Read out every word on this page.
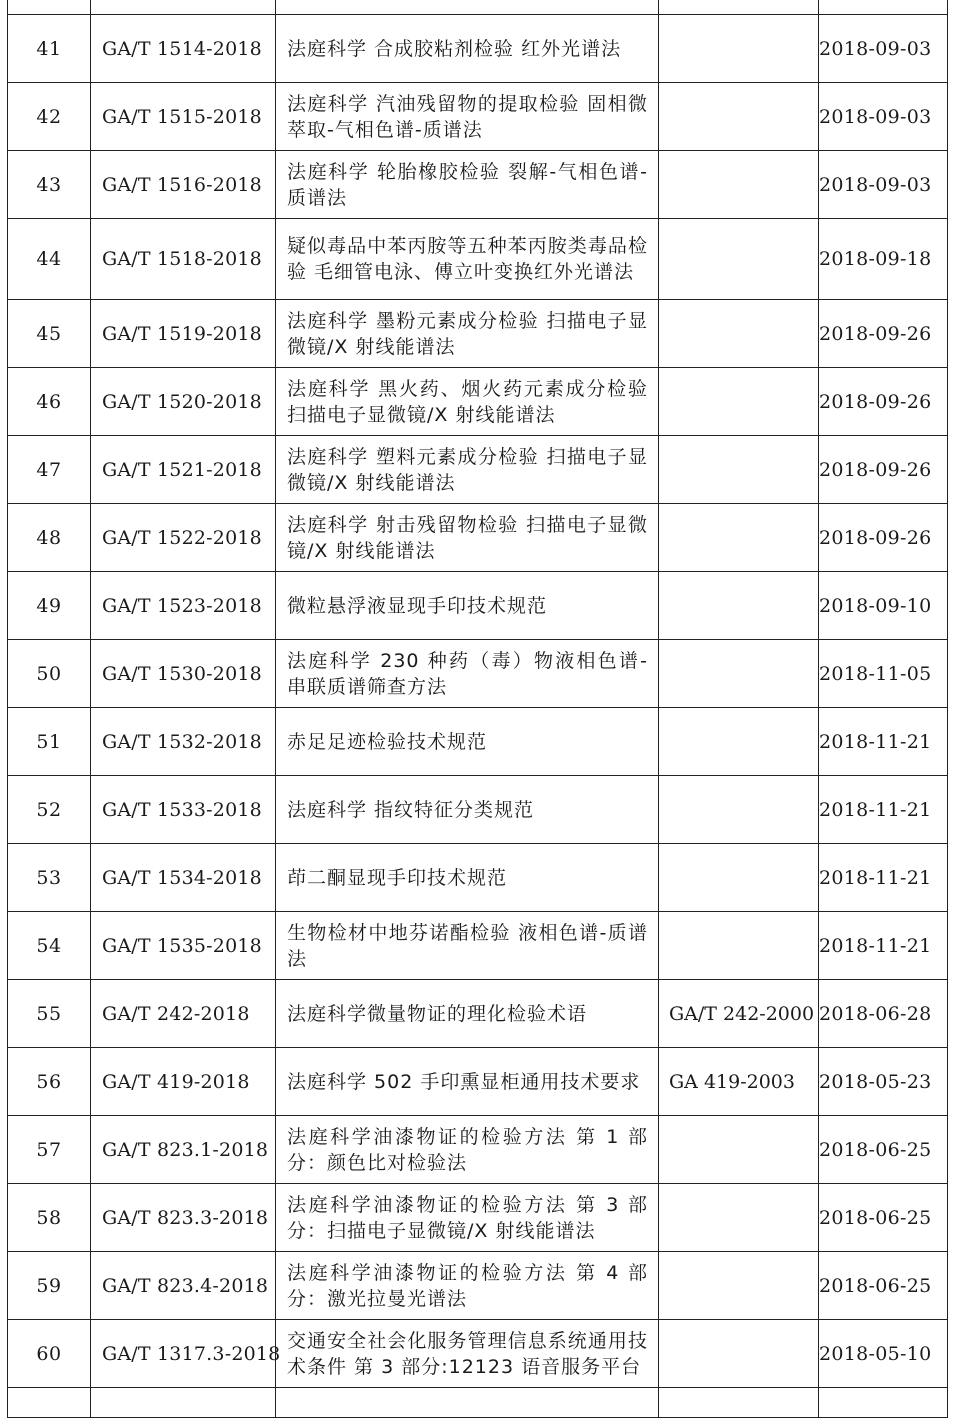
41	GA/T 1514-2018	法庭科学 合成胶粘剂检验 红外光谱法		2018-09-03
42	GA/T 1515-2018	法庭科学 汽油残留物的提取检验 固相微萃取-气相色谱-质谱法		2018-09-03
43	GA/T 1516-2018	法庭科学 轮胎橡胶检验 裂解-气相色谱-质谱法		2018-09-03
44	GA/T 1518-2018	疑似毒品中苯丙胺等五种苯丙胺类毒品检验 毛细管电泳、傅立叶变换红外光谱法		2018-09-18
45	GA/T 1519-2018	法庭科学 墨粉元素成分检验 扫描电子显微镜/X 射线能谱法		2018-09-26
46	GA/T 1520-2018	法庭科学 黑火药、烟火药元素成分检验 扫描电子显微镜/X 射线能谱法		2018-09-26
47	GA/T 1521-2018	法庭科学 塑料元素成分检验 扫描电子显微镜/X 射线能谱法		2018-09-26
48	GA/T 1522-2018	法庭科学 射击残留物检验 扫描电子显微镜/X 射线能谱法		2018-09-26
49	GA/T 1523-2018	微粒悬浮液显现手印技术规范		2018-09-10
50	GA/T 1530-2018	法庭科学 230 种药（毒）物液相色谱-串联质谱筛查方法		2018-11-05
51	GA/T 1532-2018	赤足足迹检验技术规范		2018-11-21
52	GA/T 1533-2018	法庭科学 指纹特征分类规范		2018-11-21
53	GA/T 1534-2018	茚二酮显现手印技术规范		2018-11-21
54	GA/T 1535-2018	生物检材中地芬诺酯检验 液相色谱-质谱法		2018-11-21
55	GA/T 242-2018	法庭科学微量物证的理化检验术语	GA/T 242-2000	2018-06-28
56	GA/T 419-2018	法庭科学 502 手印熏显柜通用技术要求	GA 419-2003	2018-05-23
57	GA/T 823.1-2018	法庭科学油漆物证的检验方法 第 1 部分：颜色比对检验法		2018-06-25
58	GA/T 823.3-2018	法庭科学油漆物证的检验方法 第 3 部分：扫描电子显微镜/X 射线能谱法		2018-06-25
59	GA/T 823.4-2018	法庭科学油漆物证的检验方法 第 4 部分：激光拉曼光谱法		2018-06-25
60	GA/T 1317.3-2018	交通安全社会化服务管理信息系统通用技术条件 第 3 部分:12123 语音服务平台		2018-05-10
